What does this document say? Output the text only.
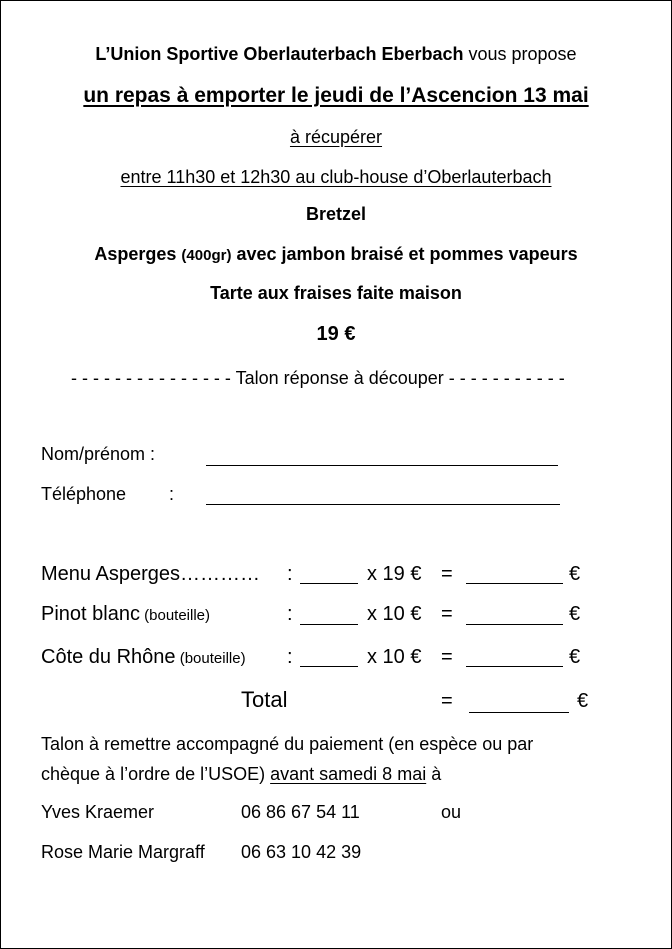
L’Union Sportive Oberlauterbach Eberbach vous propose
un repas à emporter le jeudi de l’Ascencion 13 mai
à récupérer
entre 11h30 et 12h30 au club-house d’Oberlauterbach
Bretzel
Asperges (400gr) avec jambon braisé et pommes vapeurs
Tarte aux fraises faite maison
19 €
- - - - - - - - - - - - - - - Talon réponse à découper - - - - - - - - - - -
Nom/prénom :
Téléphone :
Menu Asperges………… :	x 19 € =	€
Pinot blanc (bouteille)	:	x 10 € =	€
Côte du Rhône (bouteille) :	x 10 € =	€
Total	=	€
Talon à remettre accompagné du paiement (en espèce ou par
chèque à l’ordre de l’USOE) avant samedi 8 mai à
Yves Kraemer	06 86 67 54 11	ou
Rose Marie Margraff 06 63 10 42 39
